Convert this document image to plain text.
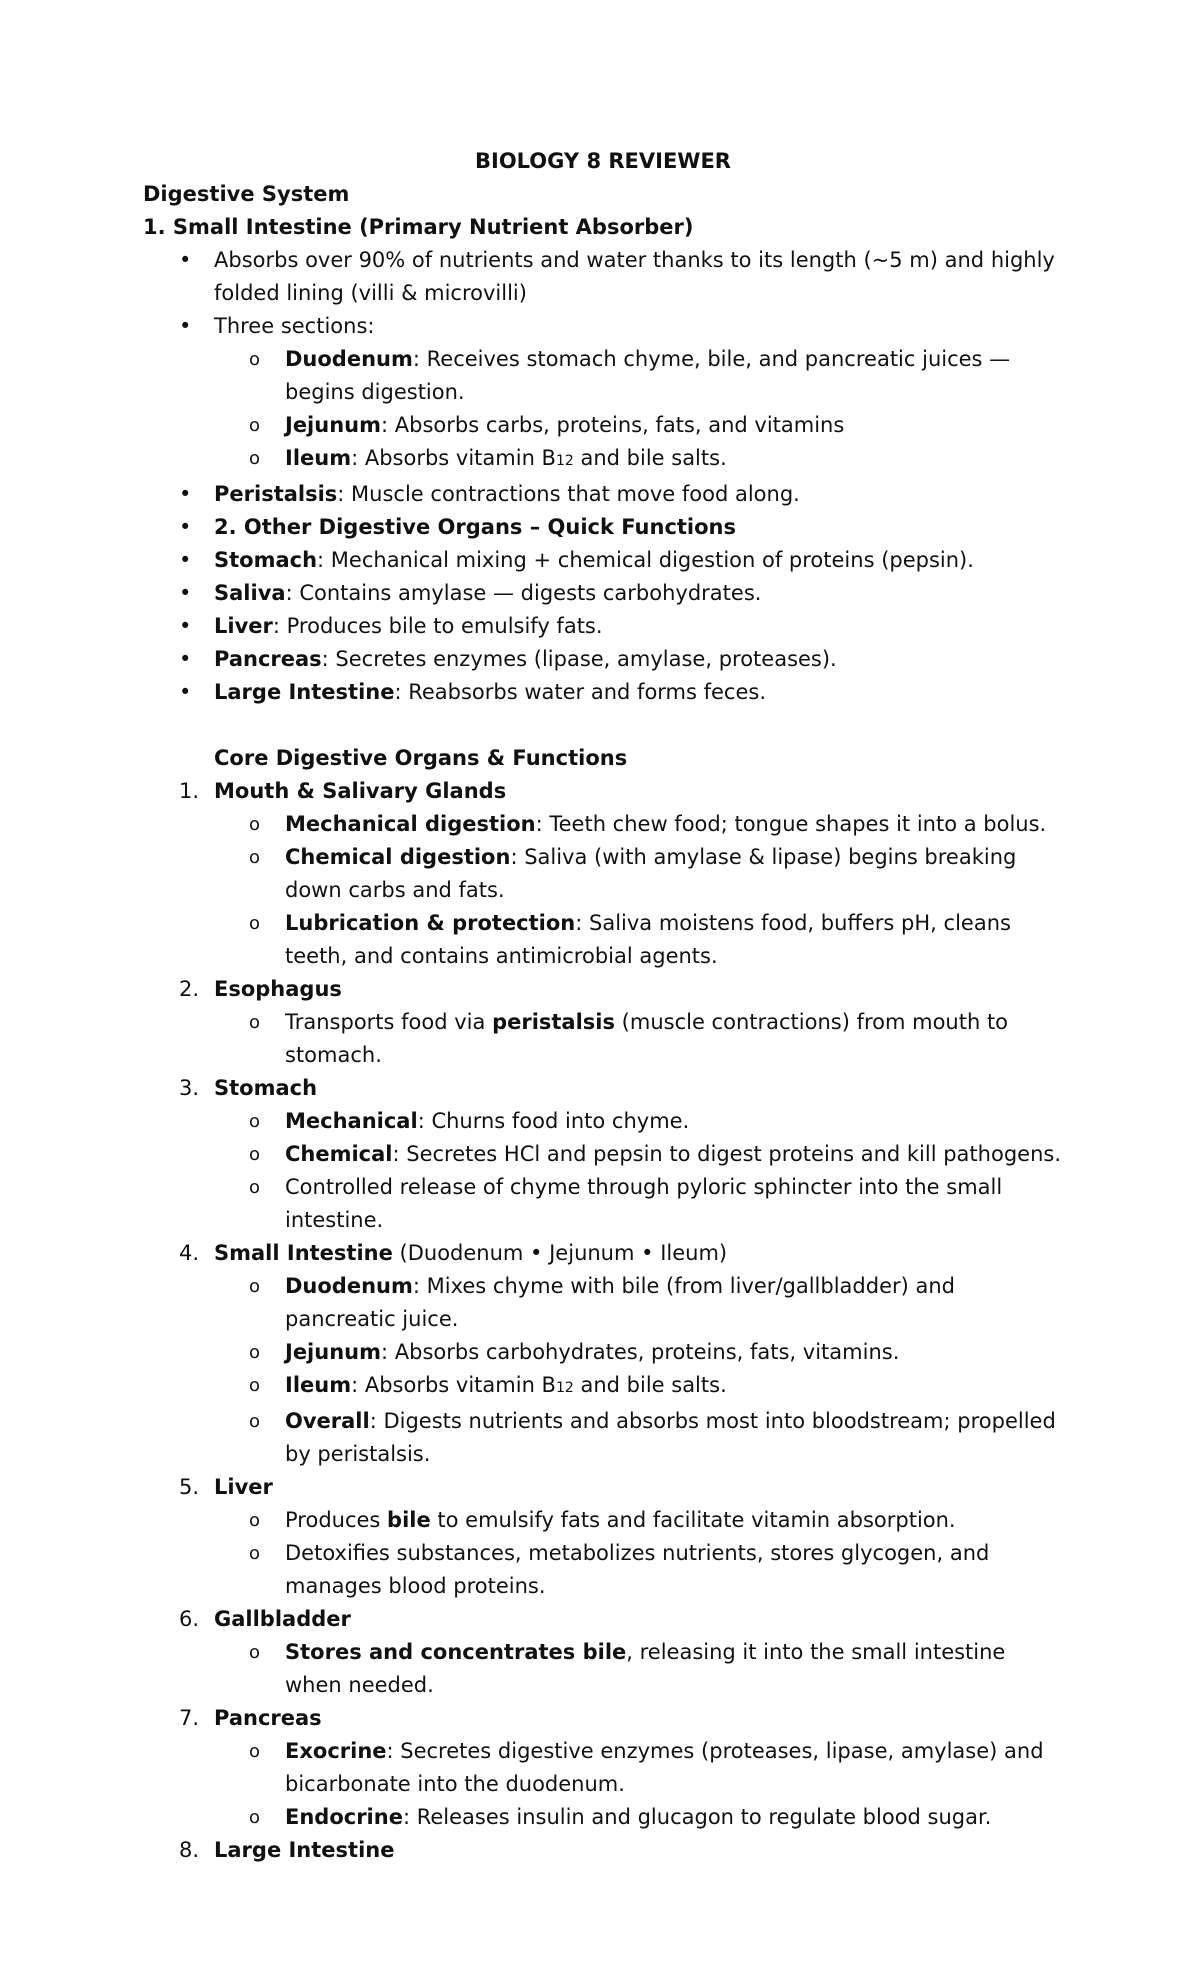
BIOLOGY 8 REVIEWER
Digestive System
1. Small Intestine (Primary Nutrient Absorber)
• Absorbs over 90% of nutrients and water thanks to its length (~5 m) and highly folded lining (villi & microvilli)
• Three sections:
o Duodenum: Receives stomach chyme, bile, and pancreatic juices — begins digestion.
o Jejunum: Absorbs carbs, proteins, fats, and vitamins
o Ileum: Absorbs vitamin B12 and bile salts.
• Peristalsis: Muscle contractions that move food along.
• 2. Other Digestive Organs – Quick Functions
• Stomach: Mechanical mixing + chemical digestion of proteins (pepsin).
• Saliva: Contains amylase — digests carbohydrates.
• Liver: Produces bile to emulsify fats.
• Pancreas: Secretes enzymes (lipase, amylase, proteases).
• Large Intestine: Reabsorbs water and forms feces.
Core Digestive Organs & Functions
1. Mouth & Salivary Glands
o Mechanical digestion: Teeth chew food; tongue shapes it into a bolus.
o Chemical digestion: Saliva (with amylase & lipase) begins breaking down carbs and fats.
o Lubrication & protection: Saliva moistens food, buffers pH, cleans teeth, and contains antimicrobial agents.
2. Esophagus
o Transports food via peristalsis (muscle contractions) from mouth to stomach.
3. Stomach
o Mechanical: Churns food into chyme.
o Chemical: Secretes HCl and pepsin to digest proteins and kill pathogens.
o Controlled release of chyme through pyloric sphincter into the small intestine.
4. Small Intestine (Duodenum • Jejunum • Ileum)
o Duodenum: Mixes chyme with bile (from liver/gallbladder) and pancreatic juice.
o Jejunum: Absorbs carbohydrates, proteins, fats, vitamins.
o Ileum: Absorbs vitamin B12 and bile salts.
o Overall: Digests nutrients and absorbs most into bloodstream; propelled by peristalsis.
5. Liver
o Produces bile to emulsify fats and facilitate vitamin absorption.
o Detoxifies substances, metabolizes nutrients, stores glycogen, and manages blood proteins.
6. Gallbladder
o Stores and concentrates bile, releasing it into the small intestine when needed.
7. Pancreas
o Exocrine: Secretes digestive enzymes (proteases, lipase, amylase) and bicarbonate into the duodenum.
o Endocrine: Releases insulin and glucagon to regulate blood sugar.
8. Large Intestine
